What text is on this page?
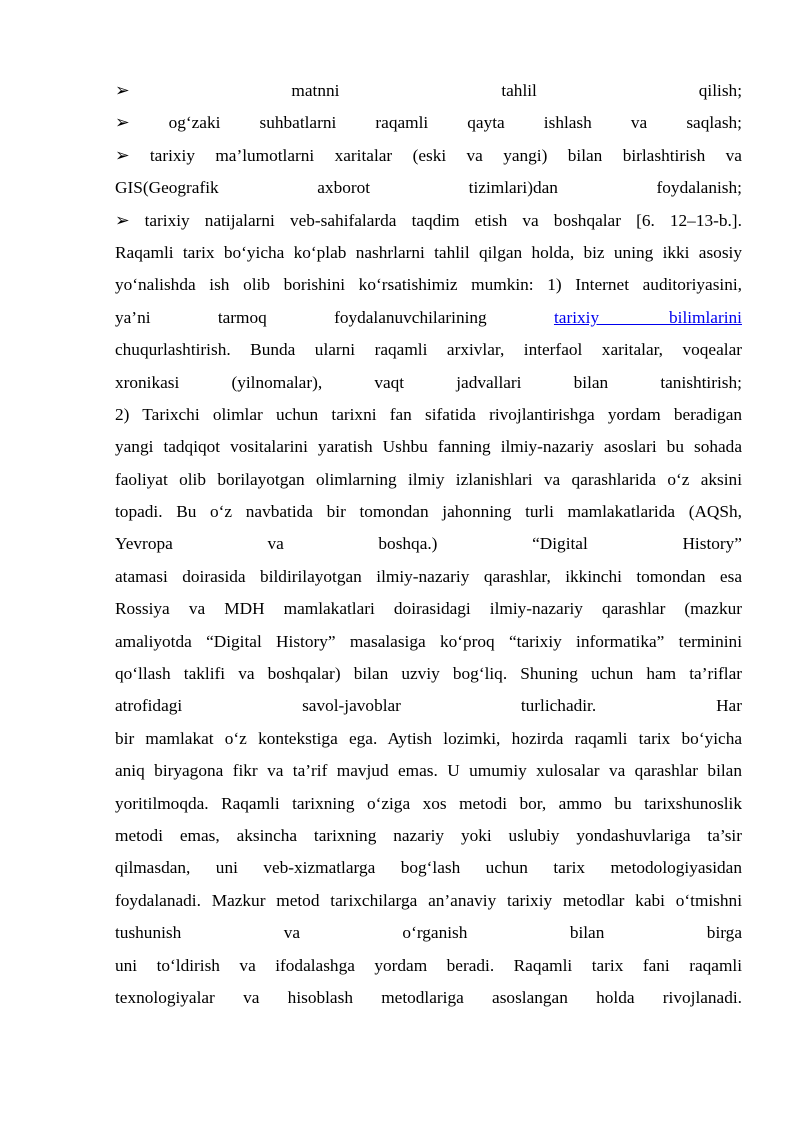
➢	matnni	tahlil	qilish;
➢ og‘zaki suhbatlarni raqamli qayta ishlash va saqlash;
➢ tarixiy ma’lumotlarni xaritalar (eski va yangi) bilan birlashtirish va
GIS(Geografik	axborot	tizimlari)dan	foydalanish;
➢ tarixiy natijalarni veb-sahifalarda taqdim etish va boshqalar [6. 12–13-b.].
Raqamli tarix bo‘yicha ko‘plab nashrlarni tahlil qilgan holda, biz uning ikki asosiy
yo‘nalishda ish olib borishini ko‘rsatishimiz mumkin: 1) Internet auditoriyasini,
ya’ni	tarmoq	foydalanuvchilarining	tarixiy bilimlarini
chuqurlashtirish. Bunda ularni raqamli arxivlar, interfaol xaritalar, voqealar
xronikasi	(yilnomalar),	vaqt	jadvallari	bilan	tanishtirish;
2) Tarixchi olimlar uchun tarixni fan sifatida rivojlantirishga yordam beradigan
yangi tadqiqot vositalarini yaratish Ushbu fanning ilmiy-nazariy asoslari bu sohada
faoliyat olib borilayotgan olimlarning ilmiy izlanishlari va qarashlarida o‘z aksini
topadi. Bu o‘z navbatida bir tomondan jahonning turli mamlakatlarida (AQSh,
Yevropa	va	boshqa.)	“Digital	History”
atamasi doirasida bildirilayotgan ilmiy-nazariy qarashlar, ikkinchi tomondan esa
Rossiya va MDH mamlakatlari doirasidagi ilmiy-nazariy qarashlar (mazkur
amaliyotda “Digital History” masalasiga ko‘proq “tarixiy informatika” terminini
qo‘llash taklifi va boshqalar) bilan uzviy bog‘liq. Shuning uchun ham ta’riflar
atrofidagi	savol-javoblar	turlichadir.	Har
bir mamlakat o‘z kontekstiga ega. Aytish lozimki, hozirda raqamli tarix bo‘yicha
aniq biryagona fikr va ta’rif mavjud emas. U umumiy xulosalar va qarashlar bilan
yoritilmoqda. Raqamli tarixning o‘ziga xos metodi bor, ammo bu tarixshunoslik
metodi emas, aksincha tarixning nazariy yoki uslubiy yondashuvlariga ta’sir
qilmasdan, uni veb-xizmatlarga bog‘lash uchun tarix metodologiyasidan
foydalanadi. Mazkur metod tarixchilarga an’anaviy tarixiy metodlar kabi o‘tmishni
tushunish	va	o‘rganish	bilan	birga
uni to‘ldirish va ifodalashga yordam beradi. Raqamli tarix fani raqamli
texnologiyalar va hisoblash metodlariga asoslangan holda rivojlanadi.
